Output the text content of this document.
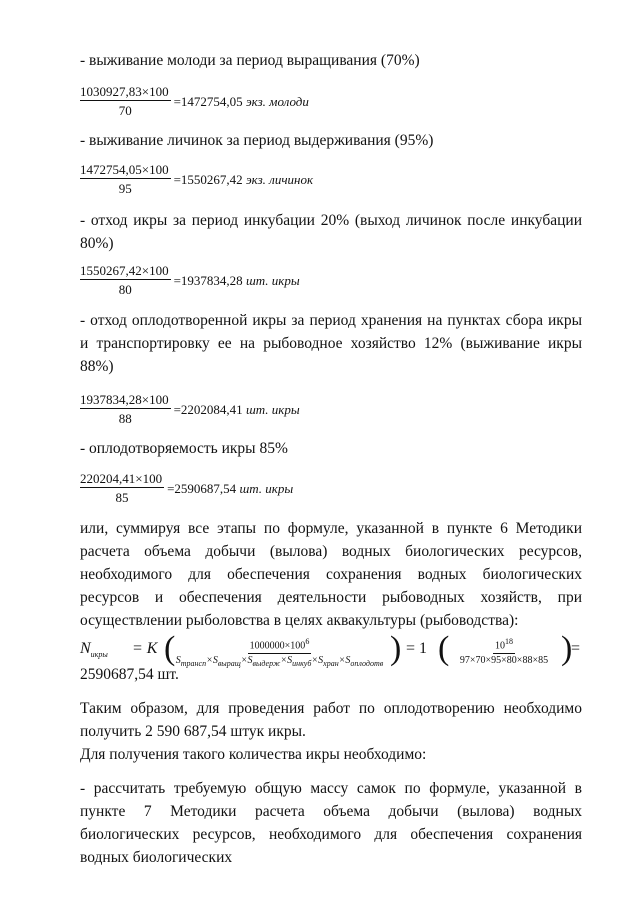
- выживание молоди за период выращивания (70%)
$\frac{1030927,83\times 100}{70} =1472754,05$ экз. молоди
- выживание личинок за период выдерживания (95%)
$\frac{1472754,05\times 100}{95} =1550267,42$ экз. личинок
- отход икры за период инкубации 20% (выход личинок после инкубации 80%)
$\frac{1550267,42\times 100}{80} =1937834,28$ шт. икры
- отход оплодотворенной икры за период хранения на пунктах сбора икры и транспортировку ее на рыбоводное хозяйство 12% (выживание икры 88%)
$\frac{1937834,28\times 100}{88} =2202084,41$ шт. икры
- оплодотворяемость икры 85%
$\frac{220204,41\times 100}{85} =2590687,54$ шт. икры
или, суммируя все этапы по формуле, указанной в пункте 6 Методики расчета объема добычи (вылова) водных биологических ресурсов, необходимого для обеспечения сохранения водных биологических ресурсов и обеспечения деятельности рыбоводных хозяйств, при осуществлении рыболовства в целях аквакультуры (рыбоводства):
$N_{икры} = K$ (	$1000000\times 100^6$
$S_{трансп}\times S_{выращ}\times S_{выдерж}\times S_{инкуб}\times S_{хран}\times S_{оплодотв}$ ) = 1 (
$\frac{10^{18}}{97\times 70\times 95\times 80\times 88\times 85}$ )
=
2590687,54 шт.
Таким образом, для проведения работ по оплодотворению необходимо получить 2 590 687,54 штук икры.
Для получения такого количества икры необходимо:
- рассчитать требуемую общую массу самок по формуле, указанной в пункте 7 Методики расчета объема добычи (вылова) водных биологических ресурсов, необходимого для обеспечения сохранения водных биологических
